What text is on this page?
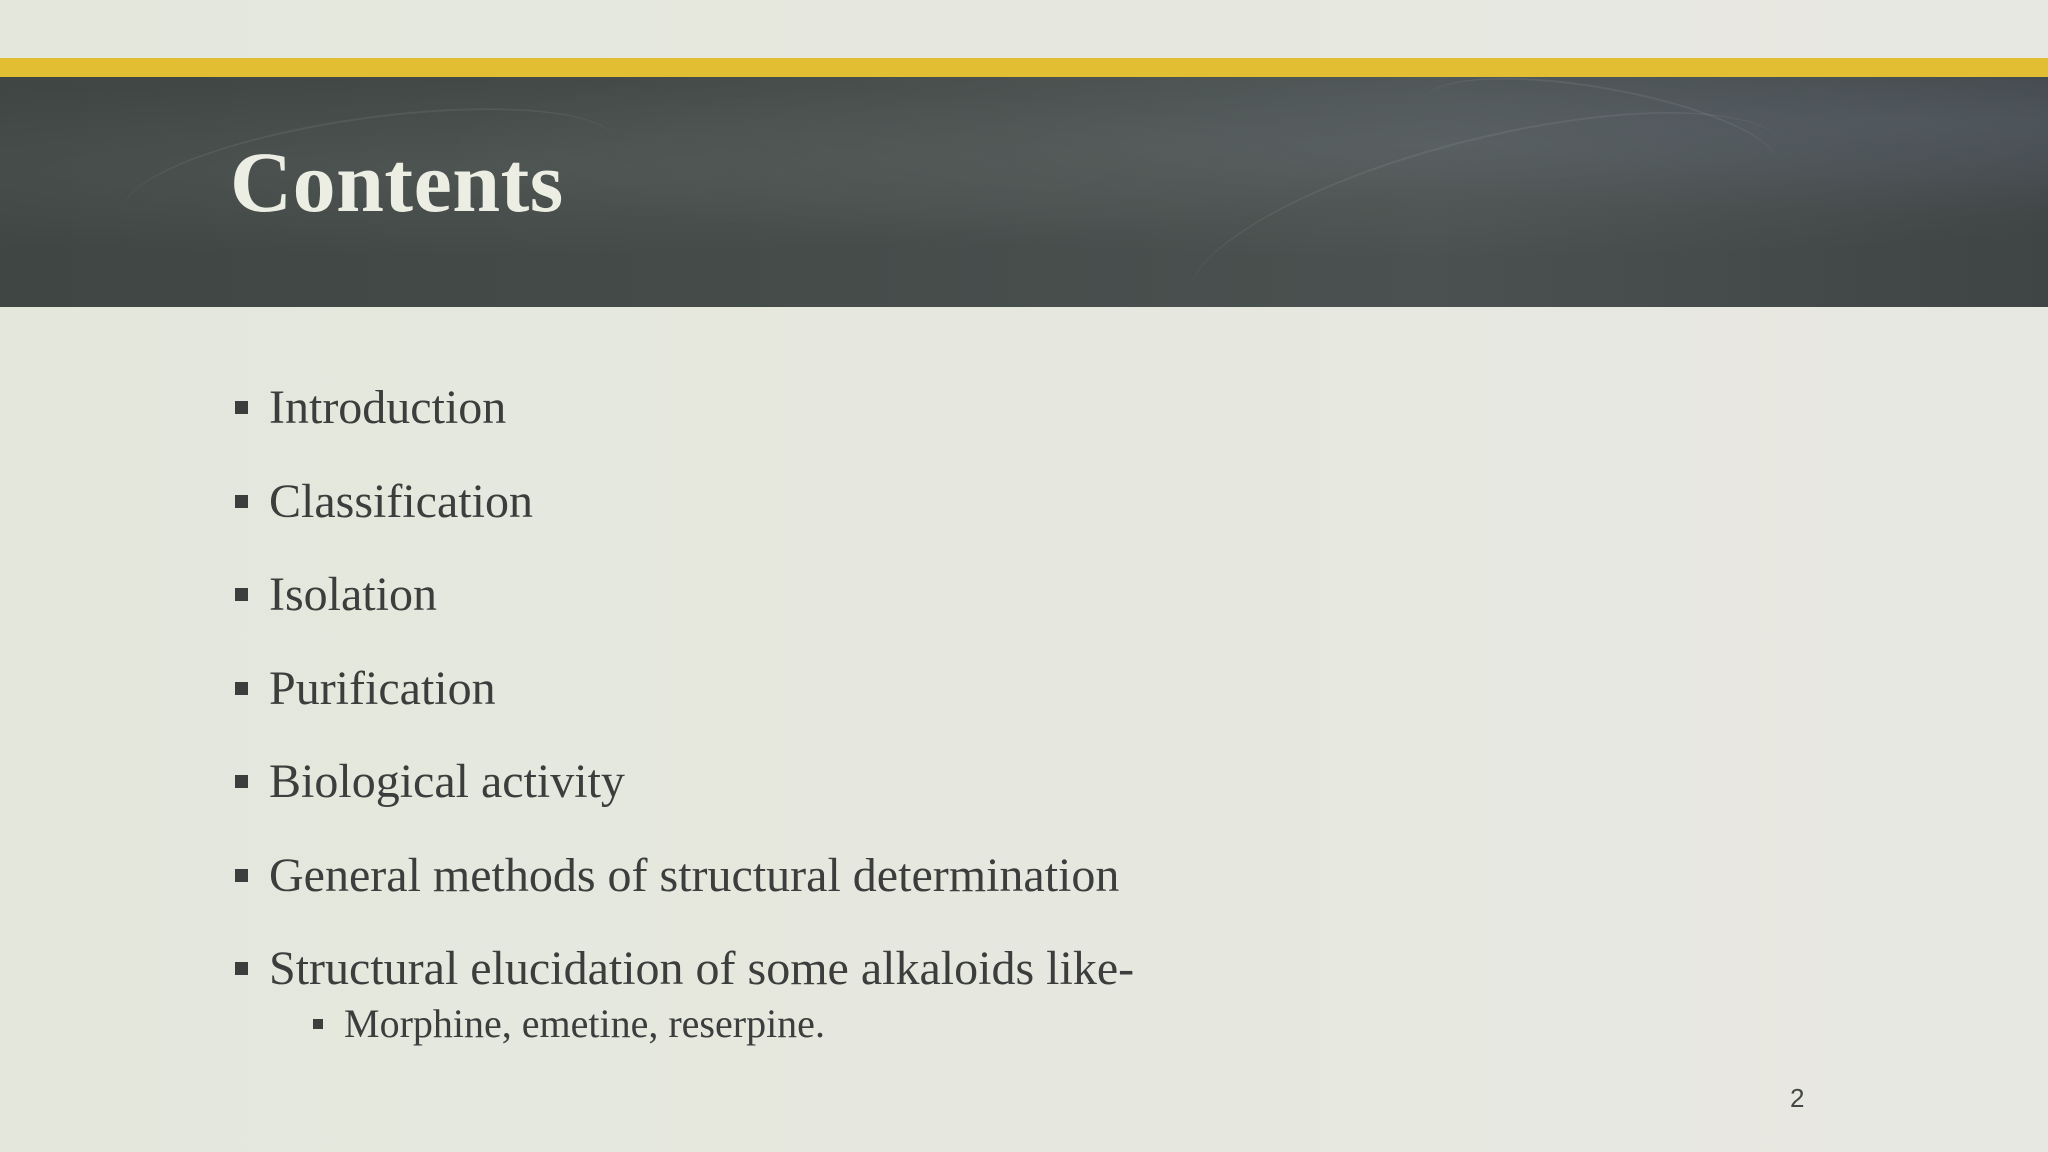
Contents
Introduction
Classification
Isolation
Purification
Biological activity
General methods of structural determination
Structural elucidation of some alkaloids like-
Morphine, emetine, reserpine.
2
